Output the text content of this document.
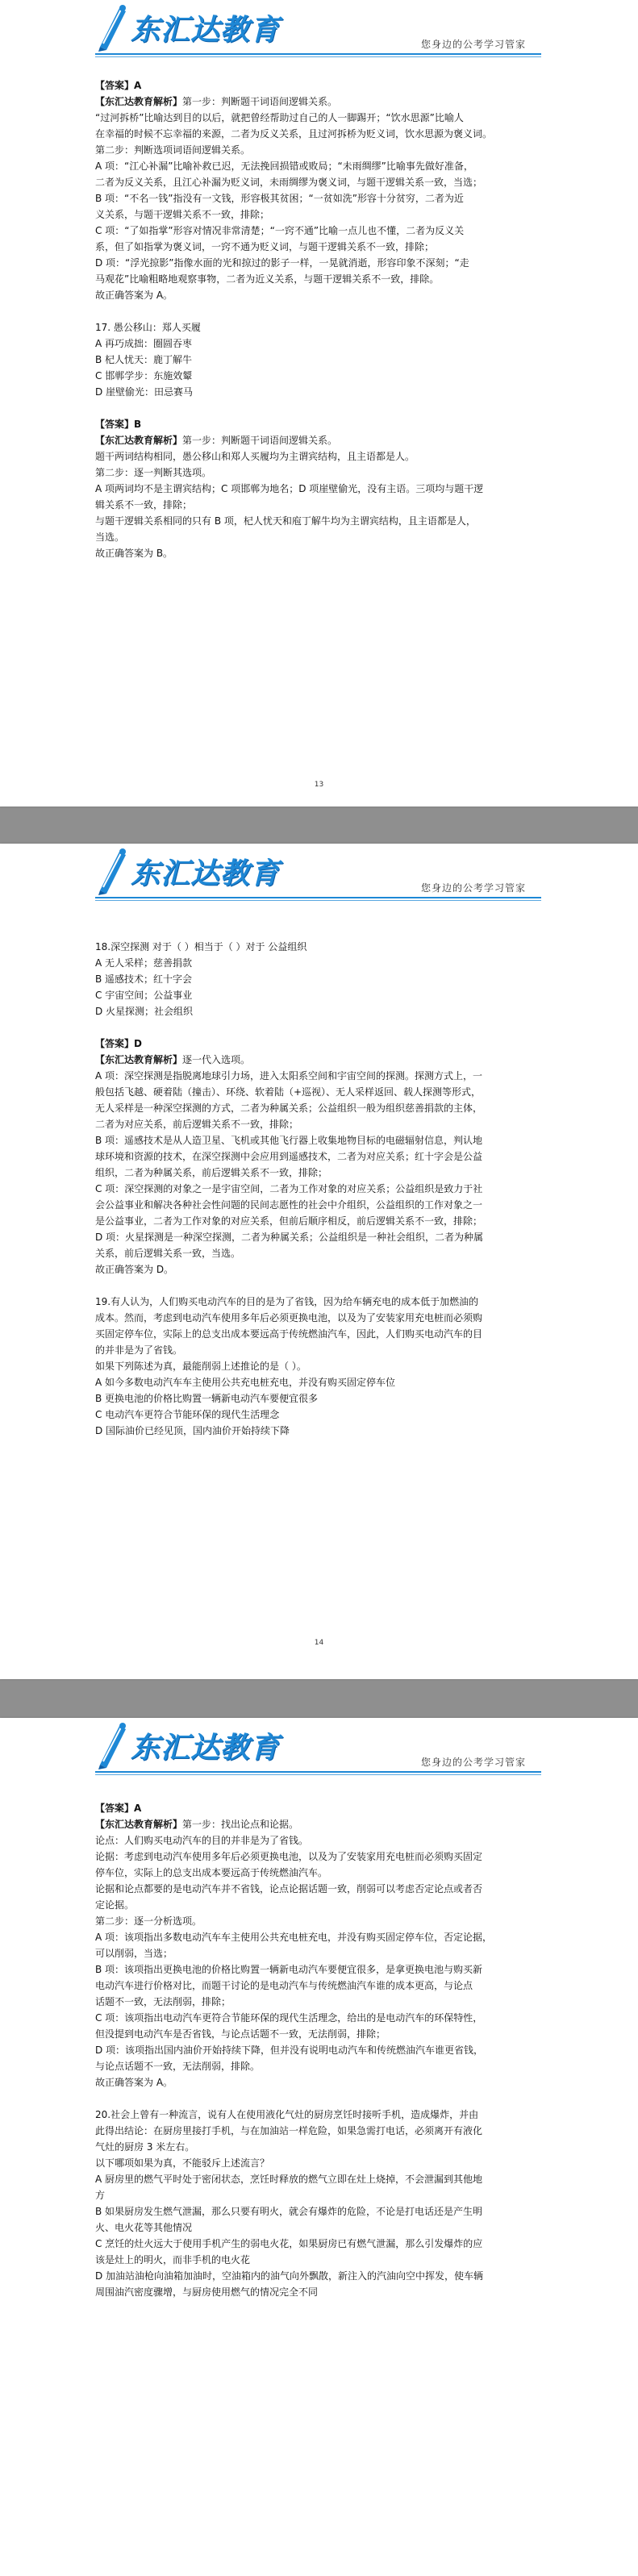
东汇达教育	您身边的公考学习管家

【答案】A

【东汇达教育解析】第一步：判断题干词语间逻辑关系。

“过河拆桥”比喻达到目的以后，就把曾经帮助过自己的人一脚踢开；“饮水思源”比喻人

在幸福的时候不忘幸福的来源，二者为反义关系，且过河拆桥为贬义词，饮水思源为褒义词。

第二步：判断选项词语间逻辑关系。

A 项：“江心补漏”比喻补救已迟，无法挽回损错或败局；“未雨绸缪”比喻事先做好准备，

二者为反义关系，且江心补漏为贬义词，未雨绸缪为褒义词，与题干逻辑关系一致，当选；

B 项：“不名一钱”指没有一文钱，形容极其贫困；“一贫如洗”形容十分贫穷，二者为近

义关系，与题干逻辑关系不一致，排除；

C 项：“了如指掌”形容对情况非常清楚；“一窍不通”比喻一点儿也不懂，二者为反义关

系，但了如指掌为褒义词，一窍不通为贬义词，与题干逻辑关系不一致，排除；

D 项：“浮光掠影”指像水面的光和掠过的影子一样，一晃就消逝，形容印象不深刻；“走

马观花”比喻粗略地观察事物，二者为近义关系，与题干逻辑关系不一致，排除。

故正确答案为 A。

17. 愚公移山：郑人买履

A 再巧成拙：圈圆吞枣

B 杞人忧天：鹿丁解牛

C 邯郸学步：东施效颦

D 崖壁偷光：田忌赛马

【答案】B

【东汇达教育解析】第一步：判断题干词语间逻辑关系。

题干两词结构相同，愚公移山和郑人买履均为主谓宾结构，且主语都是人。

第二步：逐一判断其选项。

A 项两词均不是主谓宾结构；C 项邯郸为地名；D 项崖壁偷光，没有主语。三项均与题干逻

辑关系不一致，排除；

与题干逻辑关系相同的只有 B 项，杞人忧天和庖丁解牛均为主谓宾结构，且主语都是人，

当选。

故正确答案为 B。

13
东汇达教育	您身边的公考学习管家

18.深空探测 对于（ ）相当于（ ）对于 公益组织

A 无人采样；慈善捐款

B 遥感技术；红十字会

C 宇宙空间；公益事业

D 火星探测；社会组织

【答案】D

【东汇达教育解析】逐一代入选项。

A 项：深空探测是指脱离地球引力场，进入太阳系空间和宇宙空间的探测。探测方式上，一

般包括飞越、硬着陆（撞击）、环绕、软着陆（+巡视）、无人采样返回、载人探测等形式，

无人采样是一种深空探测的方式，二者为种属关系；公益组织一般为组织慈善捐款的主体，

二者为对应关系，前后逻辑关系不一致，排除；

B 项：遥感技术是从人造卫星、飞机或其他飞行器上收集地物目标的电磁辐射信息，判认地

球环境和资源的技术，在深空探测中会应用到遥感技术，二者为对应关系；红十字会是公益

组织，二者为种属关系，前后逻辑关系不一致，排除；

C 项：深空探测的对象之一是宇宙空间，二者为工作对象的对应关系；公益组织是致力于社

会公益事业和解决各种社会性问题的民间志愿性的社会中介组织，公益组织的工作对象之一

是公益事业，二者为工作对象的对应关系，但前后顺序相反，前后逻辑关系不一致，排除；

D 项：火星探测是一种深空探测，二者为种属关系；公益组织是一种社会组织，二者为种属

关系，前后逻辑关系一致，当选。

故正确答案为 D。

19.有人认为，人们购买电动汽车的目的是为了省钱，因为给车辆充电的成本低于加燃油的

成本。然而，考虑到电动汽车使用多年后必须更换电池，以及为了安装家用充电桩而必须购

买固定停车位，实际上的总支出成本要远高于传统燃油汽车，因此，人们购买电动汽车的目

的并非是为了省钱。

如果下列陈述为真，最能削弱上述推论的是（ ）。

A 如今多数电动汽车车主使用公共充电桩充电，并没有购买固定停车位

B 更换电池的价格比购置一辆新电动汽车要便宜很多

C 电动汽车更符合节能环保的现代生活理念

D 国际油价已经见顶，国内油价开始持续下降

14
东汇达教育	您身边的公考学习管家

【答案】A

【东汇达教育解析】第一步：找出论点和论据。

论点：人们购买电动汽车的目的并非是为了省钱。

论据：考虑到电动汽车使用多年后必须更换电池，以及为了安装家用充电桩而必须购买固定

停车位，实际上的总支出成本要远高于传统燃油汽车。

论据和论点都要的是电动汽车并不省钱，论点论据话题一致，削弱可以考虑否定论点或者否

定论据。

第二步：逐一分析选项。

A 项：该项指出多数电动汽车车主使用公共充电桩充电，并没有购买固定停车位，否定论据，

可以削弱，当选；

B 项：该项指出更换电池的价格比购置一辆新电动汽车要便宜很多，是拿更换电池与购买新

电动汽车进行价格对比，而题干讨论的是电动汽车与传统燃油汽车谁的成本更高，与论点

话题不一致，无法削弱，排除；

C 项：该项指出电动汽车更符合节能环保的现代生活理念，给出的是电动汽车的环保特性，

但没提到电动汽车是否省钱，与论点话题不一致，无法削弱，排除；

D 项：该项指出国内油价开始持续下降，但并没有说明电动汽车和传统燃油汽车谁更省钱，

与论点话题不一致，无法削弱，排除。

故正确答案为 A。

20.社会上曾有一种流言，说有人在使用液化气灶的厨房烹饪时接听手机，造成爆炸，并由

此得出结论：在厨房里接打手机，与在加油站一样危险，如果急需打电话，必须离开有液化

气灶的厨房 3 米左右。

以下哪项如果为真，不能驳斥上述流言？

A 厨房里的燃气平时处于密闭状态，烹饪时释放的燃气立即在灶上烧掉，不会泄漏到其他地

方

B 如果厨房发生燃气泄漏，那么只要有明火，就会有爆炸的危险，不论是打电话还是产生明

火、电火花等其他情况

C 烹饪的灶火远大于使用手机产生的弱电火花，如果厨房已有燃气泄漏，那么引发爆炸的应

该是灶上的明火，而非手机的电火花

D 加油站油枪向油箱加油时，空油箱内的油气向外飘散，新注入的汽油向空中挥发，使车辆

周围油汽密度骤增，与厨房使用燃气的情况完全不同
